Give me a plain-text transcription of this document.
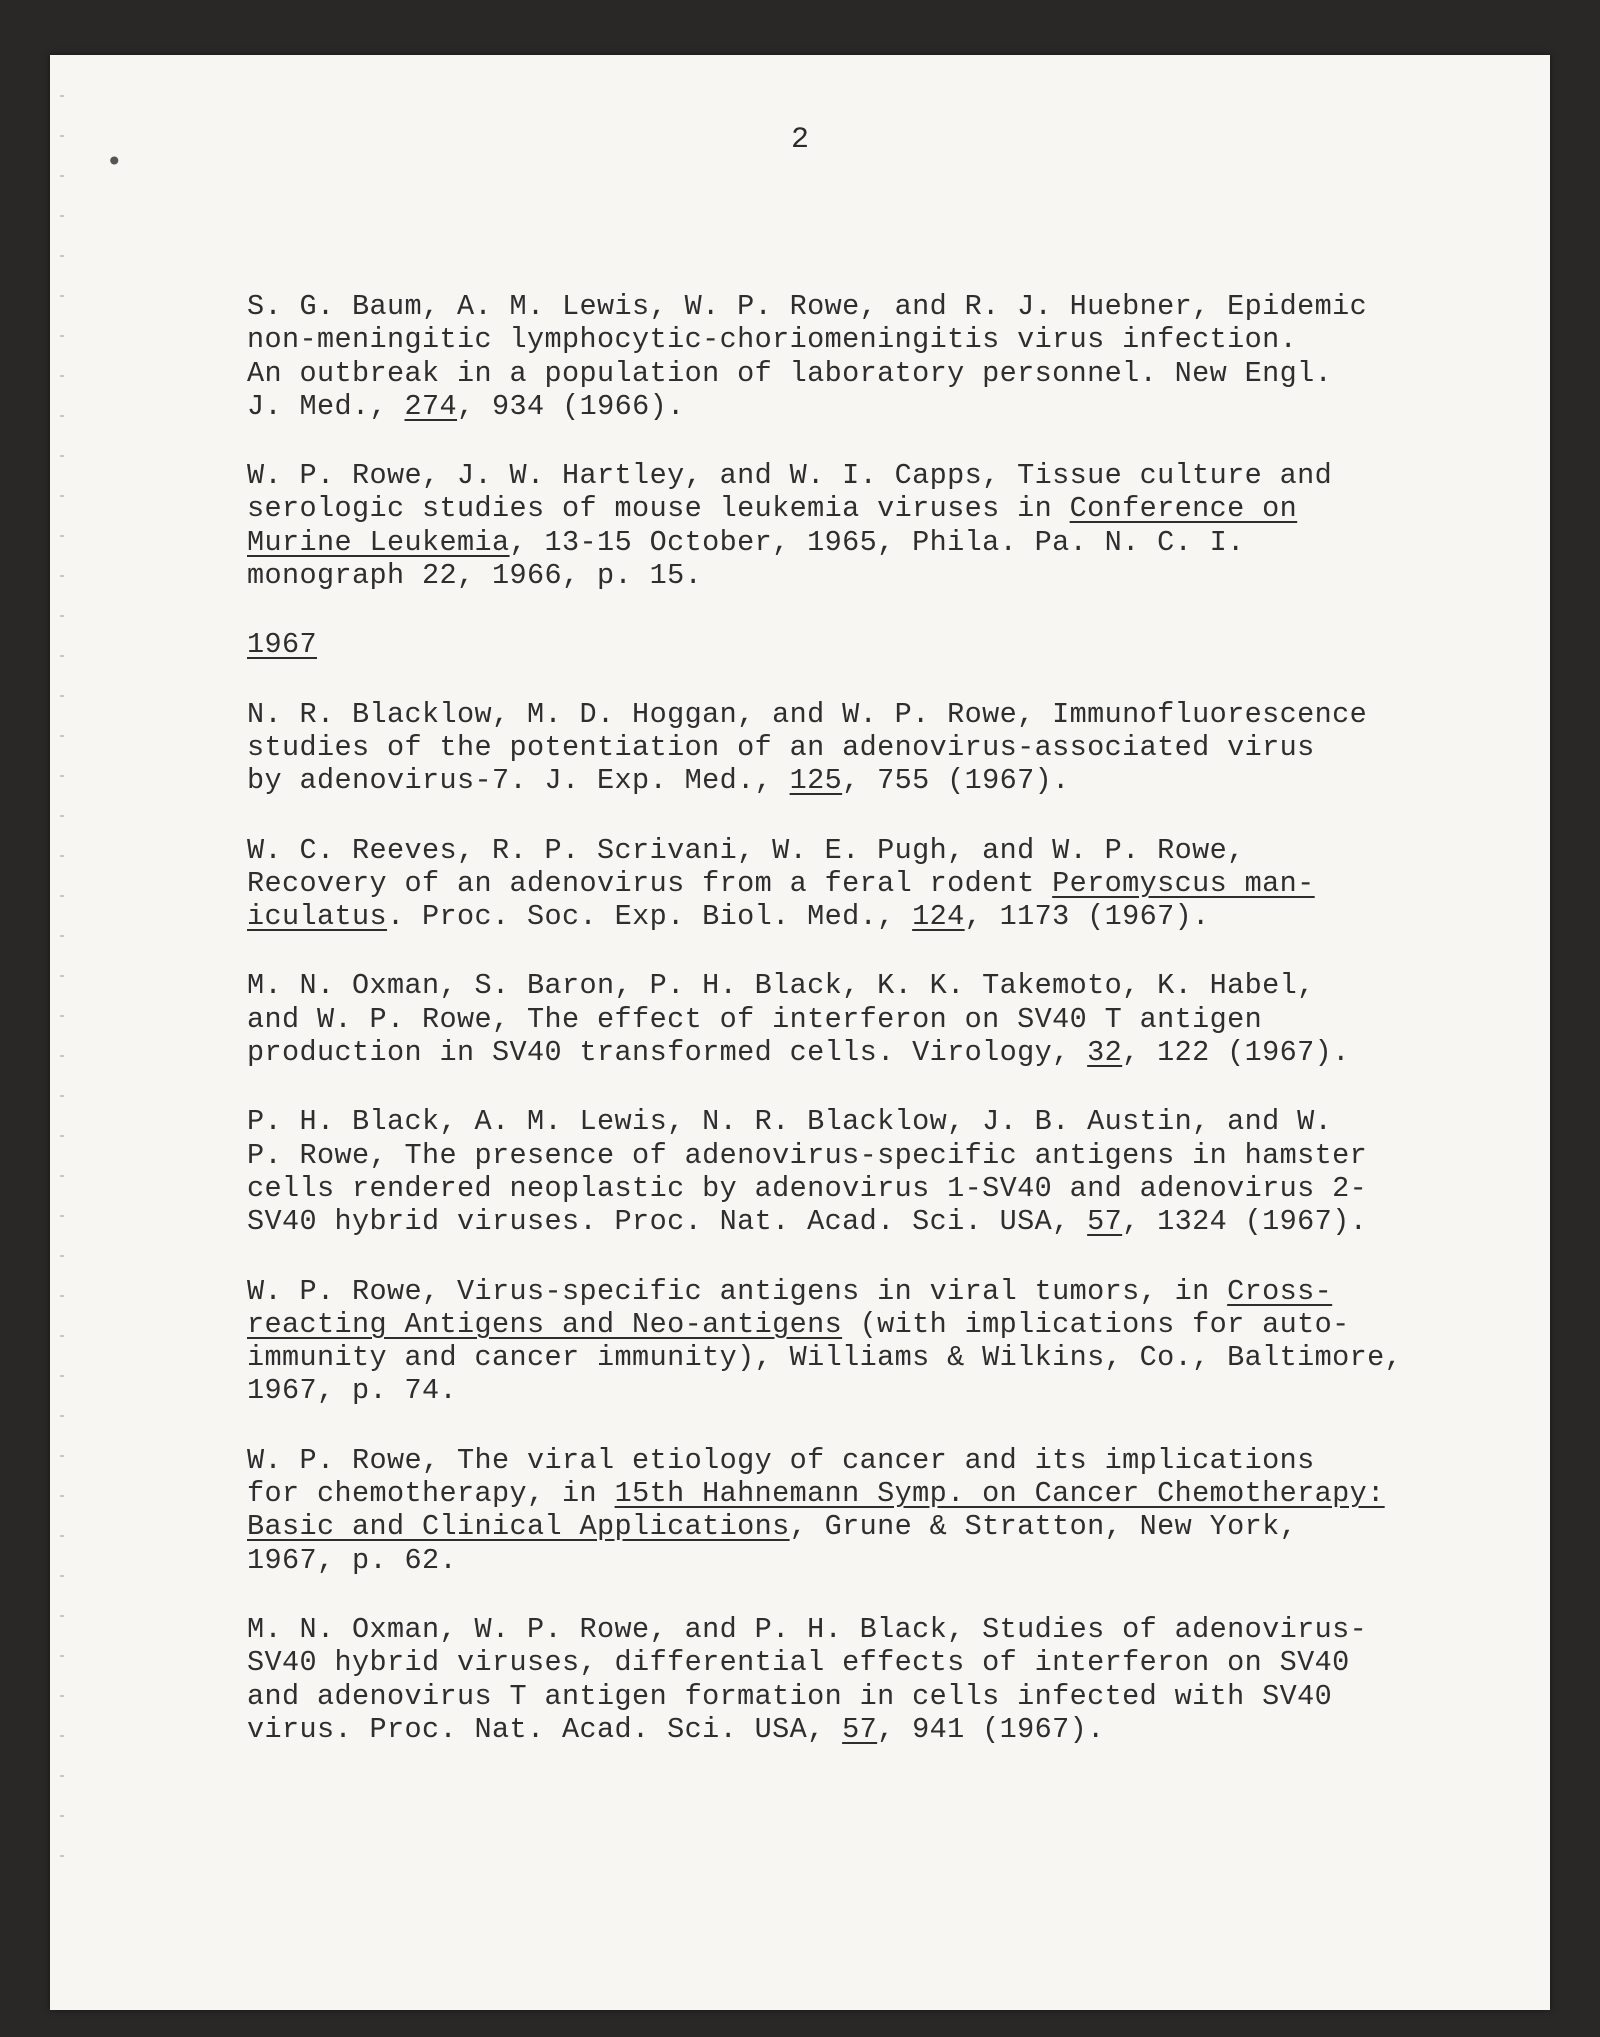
•
2
S. G. Baum, A. M. Lewis, W. P. Rowe, and R. J. Huebner, Epidemic
non-meningitic lymphocytic-choriomeningitis virus infection.
An outbreak in a population of laboratory personnel. New Engl.
J. Med., 274, 934 (1966).
W. P. Rowe, J. W. Hartley, and W. I. Capps, Tissue culture and
serologic studies of mouse leukemia viruses in Conference on
Murine Leukemia, 13-15 October, 1965, Phila. Pa. N. C. I.
monograph 22, 1966, p. 15.
1967
N. R. Blacklow, M. D. Hoggan, and W. P. Rowe, Immunofluorescence
studies of the potentiation of an adenovirus-associated virus
by adenovirus-7. J. Exp. Med., 125, 755 (1967).
W. C. Reeves, R. P. Scrivani, W. E. Pugh, and W. P. Rowe,
Recovery of an adenovirus from a feral rodent Peromyscus man-
iculatus. Proc. Soc. Exp. Biol. Med., 124, 1173 (1967).
M. N. Oxman, S. Baron, P. H. Black, K. K. Takemoto, K. Habel,
and W. P. Rowe, The effect of interferon on SV40 T antigen
production in SV40 transformed cells. Virology, 32, 122 (1967).
P. H. Black, A. M. Lewis, N. R. Blacklow, J. B. Austin, and W.
P. Rowe, The presence of adenovirus-specific antigens in hamster
cells rendered neoplastic by adenovirus 1-SV40 and adenovirus 2-
SV40 hybrid viruses. Proc. Nat. Acad. Sci. USA, 57, 1324 (1967).
W. P. Rowe, Virus-specific antigens in viral tumors, in Cross-
reacting Antigens and Neo-antigens (with implications for auto-
immunity and cancer immunity), Williams & Wilkins, Co., Baltimore,
1967, p. 74.
W. P. Rowe, The viral etiology of cancer and its implications
for chemotherapy, in 15th Hahnemann Symp. on Cancer Chemotherapy:
Basic and Clinical Applications, Grune & Stratton, New York,
1967, p. 62.
M. N. Oxman, W. P. Rowe, and P. H. Black, Studies of adenovirus-
SV40 hybrid viruses, differential effects of interferon on SV40
and adenovirus T antigen formation in cells infected with SV40
virus. Proc. Nat. Acad. Sci. USA, 57, 941 (1967).
